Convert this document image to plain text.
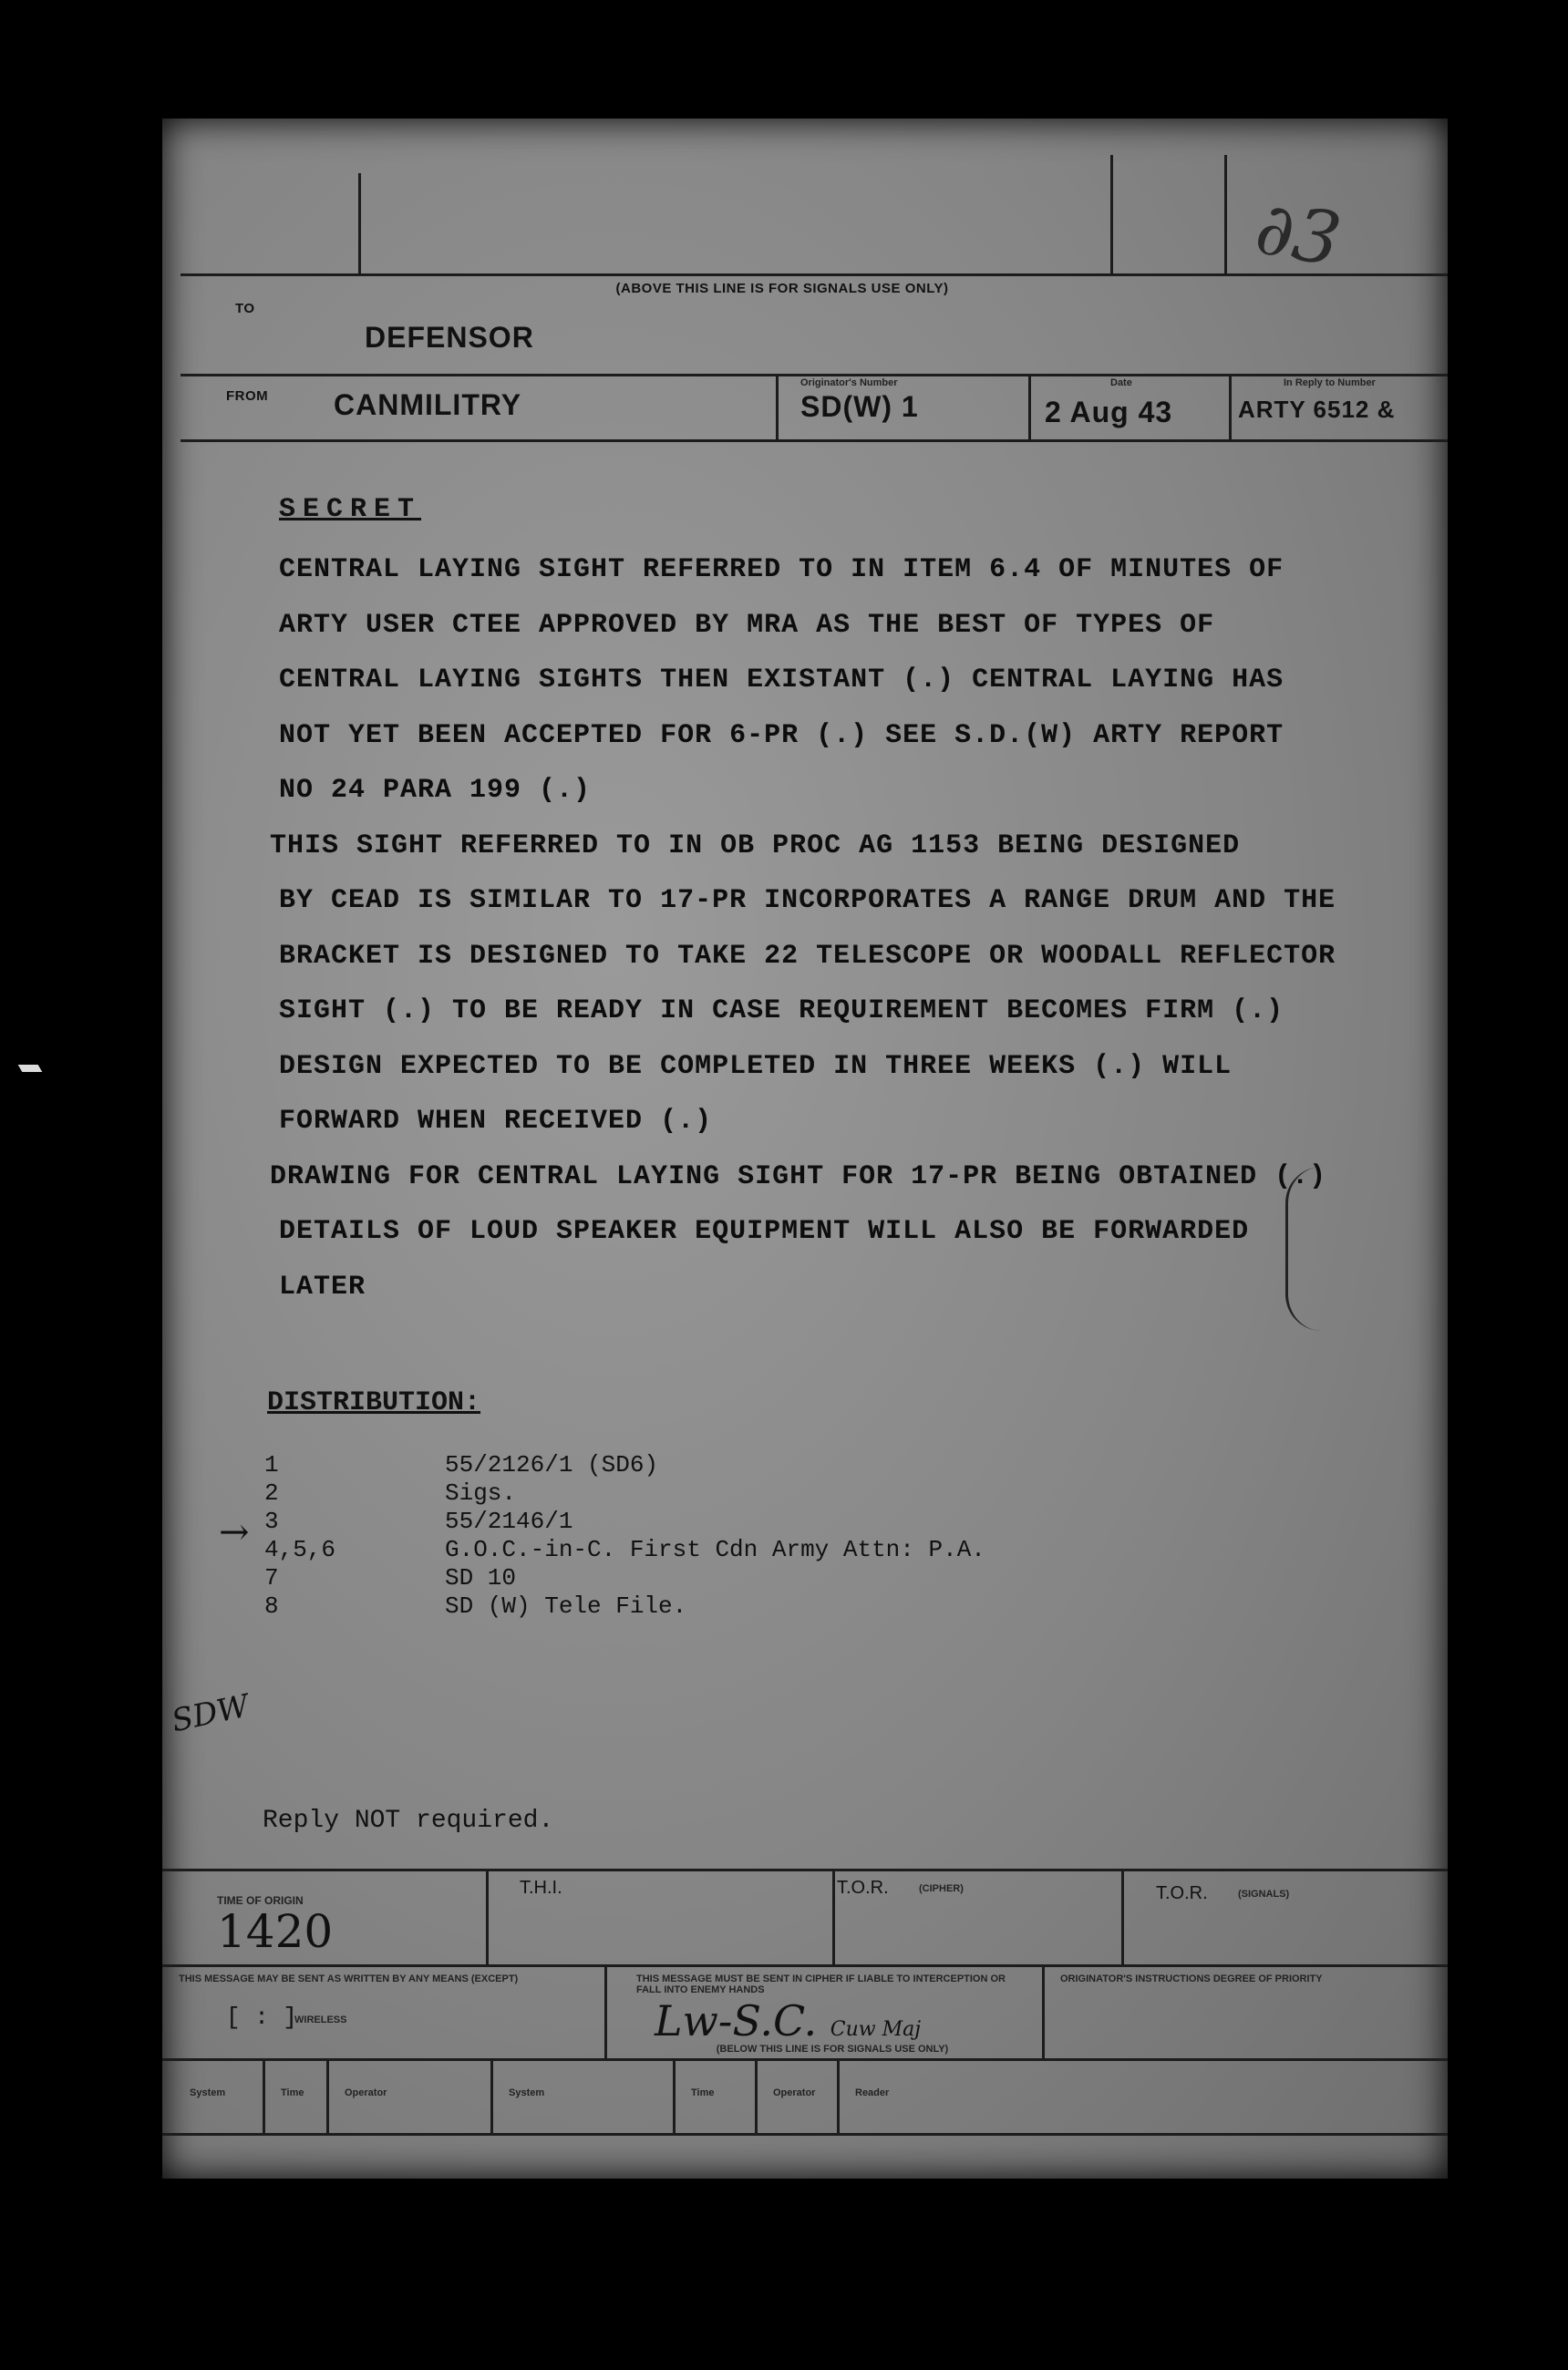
(ABOVE THIS LINE IS FOR SIGNALS USE ONLY)
TO
DEFENSOR
FROM CANMILITRY
Originator's Number
SD(W) 1
Date
2 Aug 43
In Reply to Number
ARTY 6512 &
∂3
SECRET
CENTRAL LAYING SIGHT REFERRED TO IN ITEM 6.4 OF MINUTES OF
ARTY USER CTEE APPROVED BY MRA AS THE BEST OF TYPES OF
CENTRAL LAYING SIGHTS THEN EXISTANT (.) CENTRAL LAYING HAS
NOT YET BEEN ACCEPTED FOR 6-PR (.) SEE S.D.(W) ARTY REPORT
NO 24 PARA 199 (.)
THIS SIGHT REFERRED TO IN OB PROC AG 1153 BEING DESIGNED
BY CEAD IS SIMILAR TO 17-PR INCORPORATES A RANGE DRUM AND THE
BRACKET IS DESIGNED TO TAKE 22 TELESCOPE OR WOODALL REFLECTOR
SIGHT (.) TO BE READY IN CASE REQUIREMENT BECOMES FIRM (.)
DESIGN EXPECTED TO BE COMPLETED IN THREE WEEKS (.) WILL
FORWARD WHEN RECEIVED (.)
DRAWING FOR CENTRAL LAYING SIGHT FOR 17-PR BEING OBTAINED (.)
DETAILS OF LOUD SPEAKER EQUIPMENT WILL ALSO BE FORWARDED
LATER
DISTRIBUTION:
1	55/2126/1 (SD6)
2	Sigs.
3	55/2146/1
4,5,6	G.O.C.-in-C. First Cdn Army Attn: P.A.
7	SD 10
8	SD (W) Tele File.
→
SDW
Reply NOT required.
TIME OF ORIGIN
1420
T.H.I.	T.O.R.	(CIPHER)	T.O.R.	(SIGNALS)
THIS MESSAGE MAY BE SENT AS WRITTEN BY ANY MEANS (EXCEPT)
[ : ]
WIRELESS
THIS MESSAGE MUST BE SENT IN CIPHER IF LIABLE TO INTERCEPTION OR FALL INTO ENEMY HANDS
Lw-S.C. Cuw Maj
(BELOW THIS LINE IS FOR SIGNALS USE ONLY)
ORIGINATOR'S INSTRUCTIONS DEGREE OF PRIORITY
System	Time	Operator	System	Time	Operator	Reader
